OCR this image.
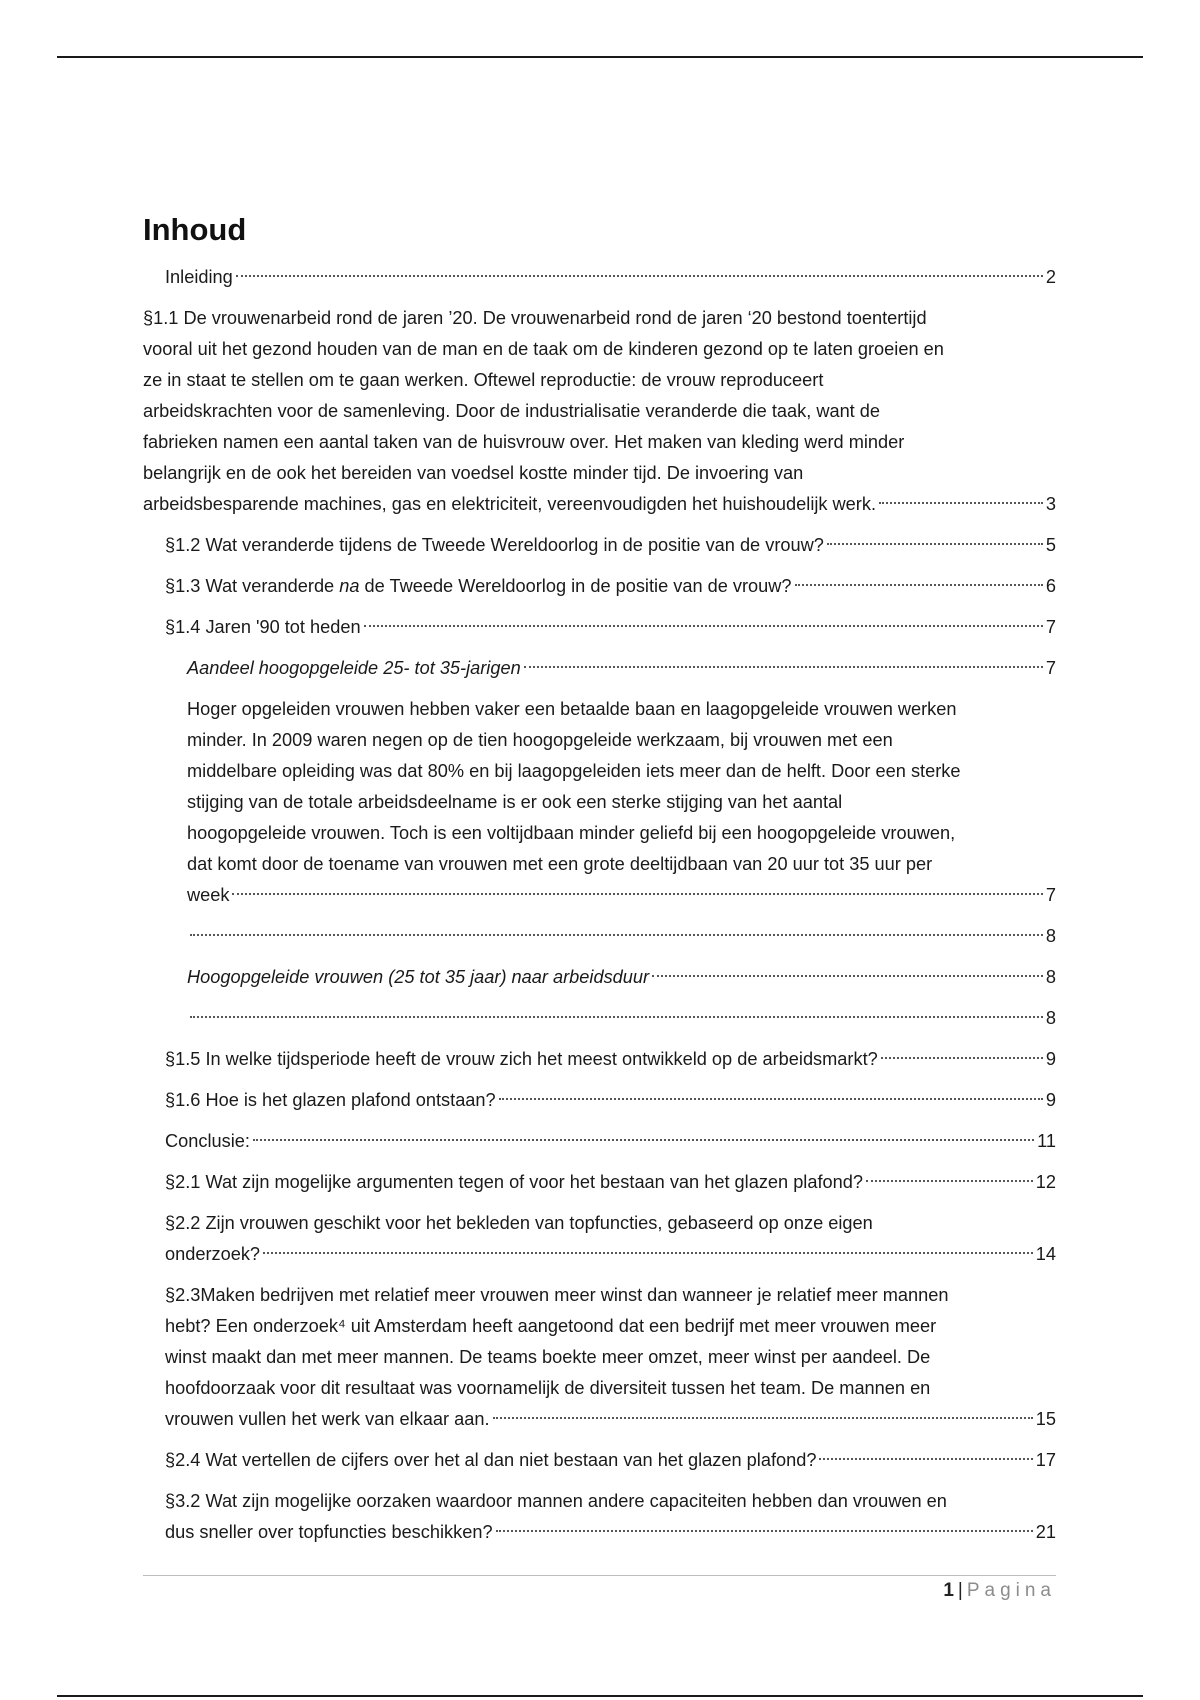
Inhoud
Inleiding	2
§1.1 De vrouwenarbeid rond de jaren ’20. De vrouwenarbeid rond de jaren ‘20 bestond toentertijd
vooral uit het gezond houden van de man en de taak om de kinderen gezond op te laten groeien en
ze in staat te stellen om te gaan werken. Oftewel reproductie: de vrouw reproduceert
arbeidskrachten voor de samenleving. Door de industrialisatie veranderde die taak, want de
fabrieken namen een aantal taken van de huisvrouw over. Het maken van kleding werd minder
belangrijk en de ook het bereiden van voedsel kostte minder tijd. De invoering van
arbeidsbesparende machines, gas en elektriciteit, vereenvoudigden het huishoudelijk werk.	3
§1.2 Wat veranderde tijdens de Tweede Wereldoorlog in de positie van de vrouw?	5
§1.3 Wat veranderde na de Tweede Wereldoorlog in de positie van de vrouw?	6
§1.4 Jaren '90 tot heden	7
Aandeel hoogopgeleide 25- tot 35-jarigen	7
Hoger opgeleiden vrouwen hebben vaker een betaalde baan en laagopgeleide vrouwen werken
minder. In 2009 waren negen op de tien hoogopgeleide werkzaam, bij vrouwen met een
middelbare opleiding was dat 80% en bij laagopgeleiden iets meer dan de helft. Door een sterke
stijging van de totale arbeidsdeelname is er ook een sterke stijging van het aantal
hoogopgeleide vrouwen. Toch is een voltijdbaan minder geliefd bij een hoogopgeleide vrouwen,
dat komt door de toename van vrouwen met een grote deeltijdbaan van 20 uur tot 35 uur per
week	7
8
Hoogopgeleide vrouwen (25 tot 35 jaar) naar arbeidsduur	8
8
§1.5 In welke tijdsperiode heeft de vrouw zich het meest ontwikkeld op de arbeidsmarkt?	9
§1.6 Hoe is het glazen plafond ontstaan?	9
Conclusie:	11
§2.1 Wat zijn mogelijke argumenten tegen of voor het bestaan van het glazen plafond?	12
§2.2 Zijn vrouwen geschikt voor het bekleden van topfuncties, gebaseerd op onze eigen
onderzoek?	14
§2.3Maken bedrijven met relatief meer vrouwen meer winst dan wanneer je relatief meer mannen
hebt? Een onderzoek⁴ uit Amsterdam heeft aangetoond dat een bedrijf met meer vrouwen meer
winst maakt dan met meer mannen. De teams boekte meer omzet, meer winst per aandeel. De
hoofdoorzaak voor dit resultaat was voornamelijk de diversiteit tussen het team. De mannen en
vrouwen vullen het werk van elkaar aan.	15
§2.4 Wat vertellen de cijfers over het al dan niet bestaan van het glazen plafond?	17
§3.2 Wat zijn mogelijke oorzaken waardoor mannen andere capaciteiten hebben dan vrouwen en
dus sneller over topfuncties beschikken?	21
1 | Pagina
